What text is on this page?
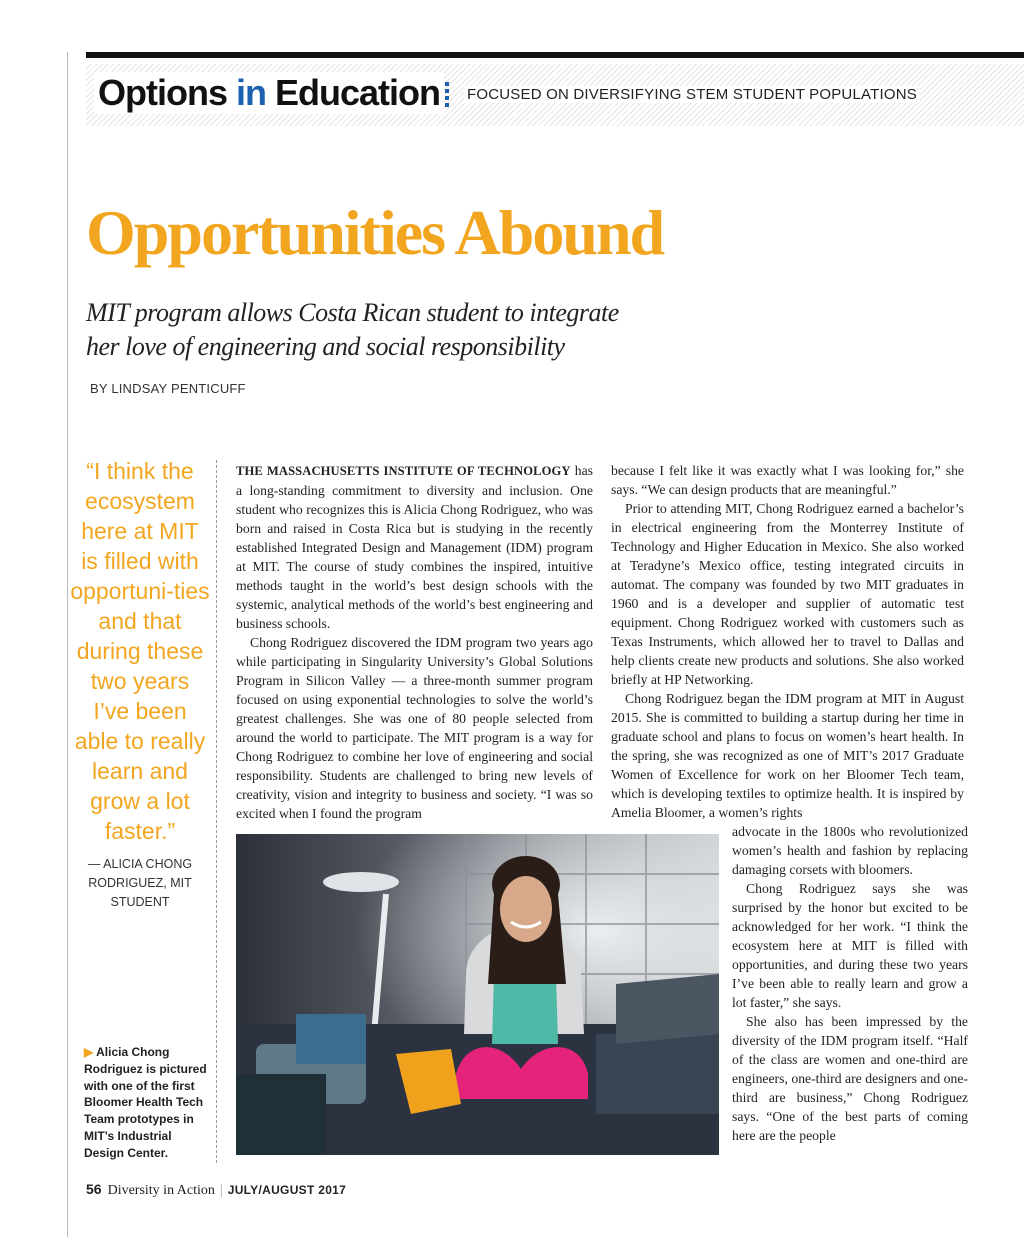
Options in Education FOCUSED ON DIVERSIFYING STEM STUDENT POPULATIONS
Opportunities Abound
MIT program allows Costa Rican student to integrate
her love of engineering and social responsibility
BY LINDSAY PENTICUFF
“I think the ecosystem here at MIT is filled with opportuni-ties and that during these two years I’ve been able to really learn and grow a lot faster.”
— ALICIA CHONG RODRIGUEZ, MIT STUDENT
▶ Alicia Chong Rodriguez is pictured with one of the first Bloomer Health Tech Team prototypes in MIT’s Industrial Design Center.

THE MASSACHUSETTS INSTITUTE OF TECHNOLOGY has a long-standing commitment to diversity and inclusion. One student who recognizes this is Alicia Chong Rodriguez, who was born and raised in Costa Rica but is studying in the recently established Integrated Design and Management (IDM) program at MIT. The course of study combines the inspired, intuitive methods taught in the world’s best design schools with the systemic, analytical methods of the world’s best engineering and business schools.

Chong Rodriguez discovered the IDM program two years ago while participating in Singularity University’s Global Solutions Program in Silicon Valley — a three-month summer program focused on using exponential technologies to solve the world’s greatest challenges. She was one of 80 people selected from around the world to participate. The MIT program is a way for Chong Rodriguez to combine her love of engineering and social responsibility. Students are challenged to bring new levels of creativity, vision and integrity to business and society. “I was so excited when I found the program

because I felt like it was exactly what I was looking for,” she says. “We can design products that are meaningful.”

Prior to attending MIT, Chong Rodriguez earned a bachelor’s in electrical engineering from the Monterrey Institute of Technology and Higher Education in Mexico. She also worked at Teradyne’s Mexico office, testing integrated circuits in automat. The company was founded by two MIT graduates in 1960 and is a developer and supplier of automatic test equipment. Chong Rodriguez worked with customers such as Texas Instruments, which allowed her to travel to Dallas and help clients create new products and solutions. She also worked briefly at HP Networking.

Chong Rodriguez began the IDM program at MIT in August 2015. She is committed to building a startup during her time in graduate school and plans to focus on women’s heart health. In the spring, she was recognized as one of MIT’s 2017 Graduate Women of Excellence for work on her Bloomer Tech team, which is developing textiles to optimize health. It is inspired by Amelia Bloomer, a women’s rights

advocate in the 1800s who revolutionized women’s health and fashion by replacing damaging corsets with bloomers.

Chong Rodriguez says she was surprised by the honor but excited to be acknowledged for her work. “I think the ecosystem here at MIT is filled with opportunities, and during these two years I’ve been able to really learn and grow a lot faster,” she says.

She also has been impressed by the diversity of the IDM program itself. “Half of the class are women and one-third are engineers, one-third are designers and one-third are business,” Chong Rodriguez says. “One of the best parts of coming here are the people

56 Diversity in Action | JULY/AUGUST 2017
